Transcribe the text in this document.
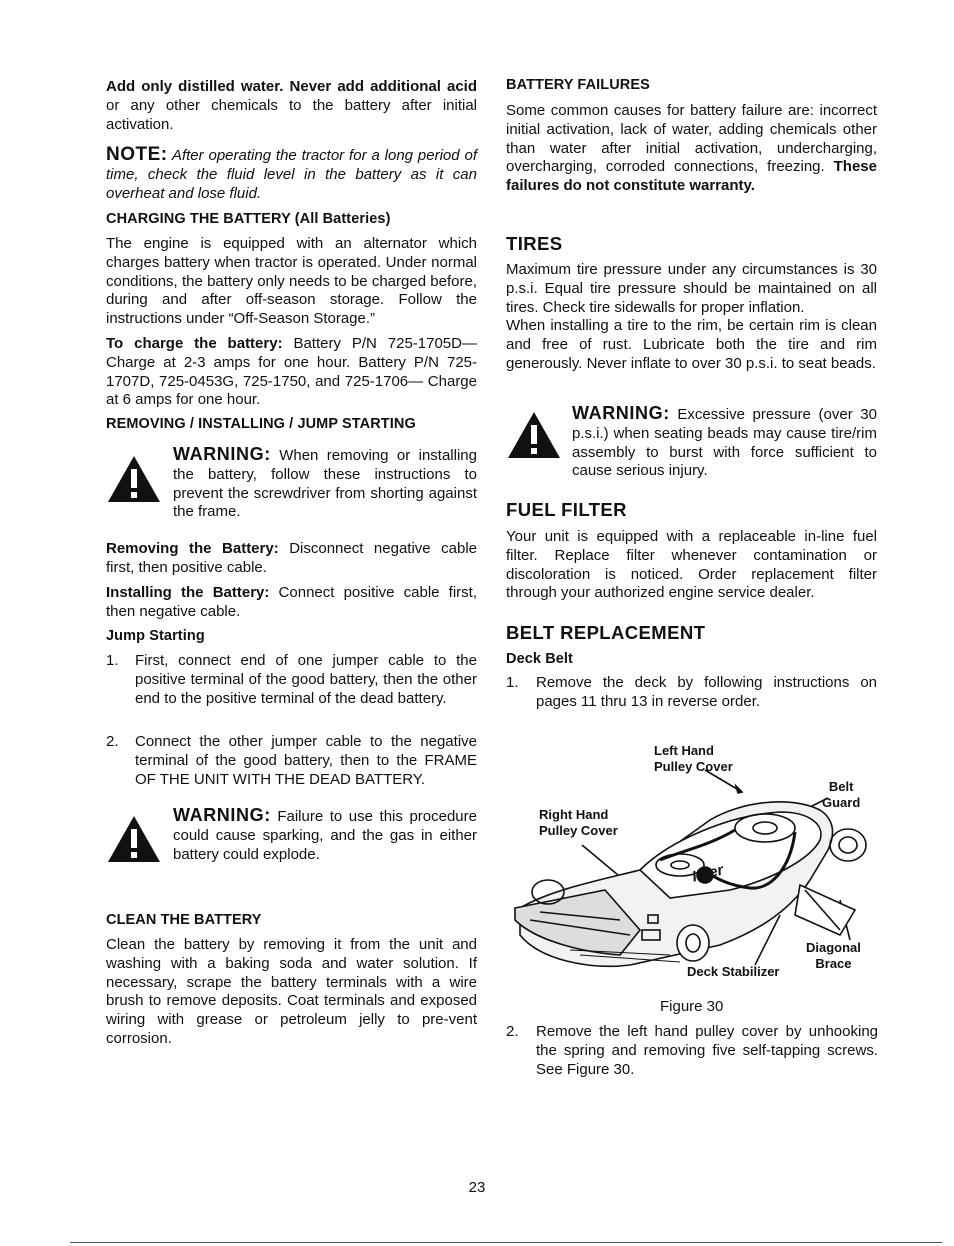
Add only distilled water. Never add additional acid or any other chemicals to the battery after initial activation.

NOTE: After operating the tractor for a long period of time, check the fluid level in the battery as it can overheat and lose fluid.

CHARGING THE BATTERY (All Batteries)

The engine is equipped with an alternator which charges battery when tractor is operated. Under normal conditions, the battery only needs to be charged before, during and after off-season storage. Follow the instructions under “Off-Season Storage.”

To charge the battery: Battery P/N 725-1705D— Charge at 2-3 amps for one hour. Battery P/N 725-1707D, 725-0453G, 725-1750, and 725-1706— Charge at 6 amps for one hour.

REMOVING / INSTALLING / JUMP STARTING

WARNING: When removing or installing the battery, follow these instructions to prevent the screwdriver from shorting against the frame.

Removing the Battery: Disconnect negative cable first, then positive cable.

Installing the Battery: Connect positive cable first, then negative cable.

Jump Starting
1. First, connect end of one jumper cable to the positive terminal of the good battery, then the other end to the positive terminal of the dead battery.

2. Connect the other jumper cable to the negative terminal of the good battery, then to the FRAME OF THE UNIT WITH THE DEAD BATTERY.

WARNING: Failure to use this procedure could cause sparking, and the gas in either battery could explode.

CLEAN THE BATTERY

Clean the battery by removing it from the unit and washing with a baking soda and water solution. If necessary, scrape the battery terminals with a wire brush to remove deposits. Coat terminals and exposed wiring with grease or petroleum jelly to pre-vent corrosion.

BATTERY FAILURES

Some common causes for battery failure are: incorrect initial activation, lack of water, adding chemicals other than water after initial activation, undercharging, overcharging, corroded connections, freezing. These failures do not constitute warranty.

TIRES

Maximum tire pressure under any circumstances is 30 p.s.i. Equal tire pressure should be maintained on all tires. Check tire sidewalls for proper inflation.

When installing a tire to the rim, be certain rim is clean and free of rust. Lubricate both the tire and rim generously. Never inflate to over 30 p.s.i. to seat beads.

WARNING: Excessive pressure (over 30 p.s.i.) when seating beads may cause tire/rim assembly to burst with force sufficient to cause serious injury.

FUEL FILTER

Your unit is equipped with a replaceable in-line fuel filter. Replace filter whenever contamination or discoloration is noticed. Order replacement filter through your authorized engine service dealer.

BELT REPLACEMENT
Deck Belt
1. Remove the deck by following instructions on pages 11 thru 13 in reverse order.

Left Hand
Pulley Cover
Belt
Guard
Right Hand
Pulley Cover
Diagonal
Brace
Deck Stabilizer
Idler
Figure 30
2. Remove the left hand pulley cover by unhooking the spring and removing five self-tapping screws. See Figure 30.

23
